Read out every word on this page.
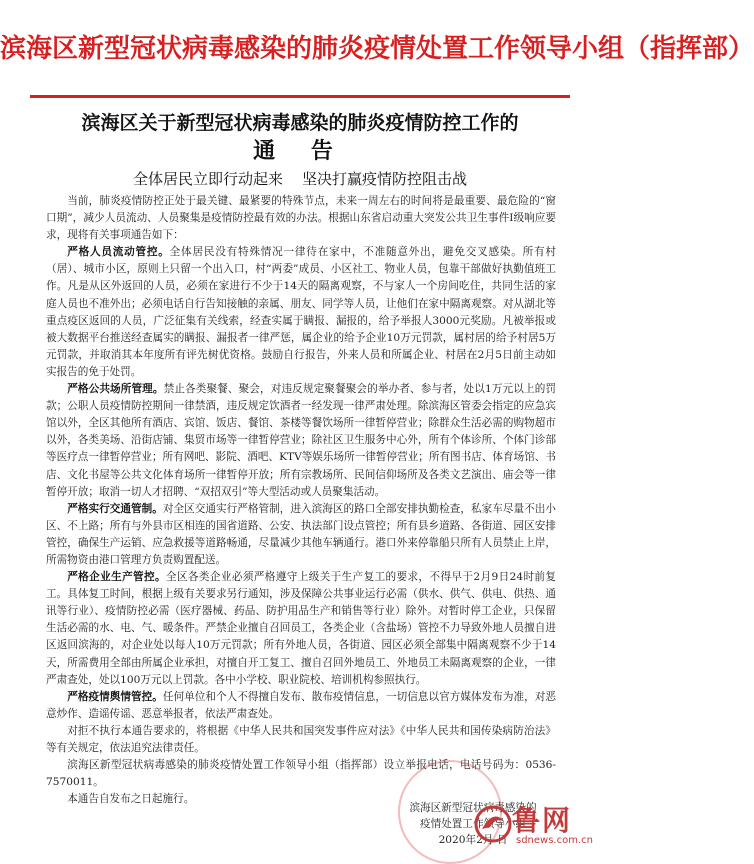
滨海区新型冠状病毒感染的肺炎疫情处置工作领导小组（指挥部）
滨海区关于新型冠状病毒感染的肺炎疫情防控工作的
通 告
全体居民立即行动起来    坚决打赢疫情防控阻击战

当前，肺炎疫情防控正处于最关键、最紧要的特殊节点，未来一周左右的时间将是最重要、最危险的“窗口期”，减少人员流动、人员聚集是疫情防控最有效的办法。根据山东省启动重大突发公共卫生事件Ⅰ级响应要求，现将有关事项通告如下：

严格人员流动管控。全体居民没有特殊情况一律待在家中，不准随意外出，避免交叉感染。所有村（居）、城市小区，原则上只留一个出入口，村“两委”成员、小区社工、物业人员，包靠干部做好执勤值班工作。凡是从区外返回的人员，必须在家进行不少于14天的隔离观察，不与家人一个房间吃住，共同生活的家庭人员也不准外出；必须电话自行告知接触的亲属、朋友、同学等人员，让他们在家中隔离观察。对从湖北等重点疫区返回的人员，广泛征集有关线索，经查实属于瞒报、漏报的，给予举报人3000元奖励。凡被举报或被大数据平台推送经查属实的瞒报、漏报者一律严惩，属企业的给予企业10万元罚款，属村居的给予村居5万元罚款，并取消其本年度所有评先树优资格。鼓励自行报告，外来人员和所属企业、村居在2月5日前主动如实报告的免于处罚。

严格公共场所管理。禁止各类聚餐、聚会，对违反规定聚餐聚会的举办者、参与者，处以1万元以上的罚款；公职人员疫情防控期间一律禁酒，违反规定饮酒者一经发现一律严肃处理。除滨海区管委会指定的应急宾馆以外，全区其他所有酒店、宾馆、饭店、餐馆、茶楼等餐饮场所一律暂停营业；除群众生活必需的购物超市以外，各类美场、沿街店铺、集贸市场等一律暂停营业；除社区卫生服务中心外，所有个体诊所、个体门诊部等医疗点一律暂停营业；所有网吧、影院、酒吧、KTV等娱乐场所一律暂停营业；所有图书店、体育场馆、书店、文化书屋等公共文化体育场所一律暂停开放；所有宗教场所、民间信仰场所及各类文艺演出、庙会等一律暂停开放；取消一切人才招聘、“双招双引”等大型活动或人员聚集活动。

严格实行交通管制。对全区交通实行严格管制，进入滨海区的路口全部安排执勤检查，私家车尽量不出小区、不上路；所有与外县市区相连的国省道路、公安、执法部门设点管控；所有县乡道路、各街道、园区安排管控，确保生产运销、应急救援等道路畅通，尽量减少其他车辆通行。港口外来停靠船只所有人员禁止上岸，所需物资由港口管理方负责购置配送。

严格企业生产管控。全区各类企业必须严格遵守上级关于生产复工的要求，不得早于2月9日24时前复工。具体复工时间，根据上级有关要求另行通知，涉及保障公共事业运行必需（供水、供气、供电、供热、通讯等行业）、疫情防控必需（医疗器械、药品、防护用品生产和销售等行业）除外。对暂时停工企业，只保留生活必需的水、电、气、暖条件。严禁企业擅自召回员工，各类企业（含盐场）管控不力导致外地人员擅自进区返回滨海的，对企业处以每人10万元罚款；所有外地人员，各街道、园区必须全部集中隔离观察不少于14天，所需费用全部由所属企业承担，对擅自开工复工、擅自召回外地员工、外地员工未隔离观察的企业，一律严肃查处，处以100万元以上罚款。各中小学校、职业院校、培训机构参照执行。

严格疫情舆情管控。任何单位和个人不得擅自发布、散布疫情信息，一切信息以官方媒体发布为准，对恶意炒作、造谣传谣、恶意举报者，依法严肃查处。

对拒不执行本通告要求的，将根据《中华人民共和国突发事件应对法》《中华人民共和国传染病防治法》等有关规定，依法追究法律责任。

滨海区新型冠状病毒感染的肺炎疫情处置工作领导小组（指挥部）设立举报电话，电话号码为：0536-7570011。

本通告自发布之日起施行。

滨海区新型冠状病毒感染的
疫情处置工作领导小组
2020年2月 日
鲁网
sdnews.com.cn
